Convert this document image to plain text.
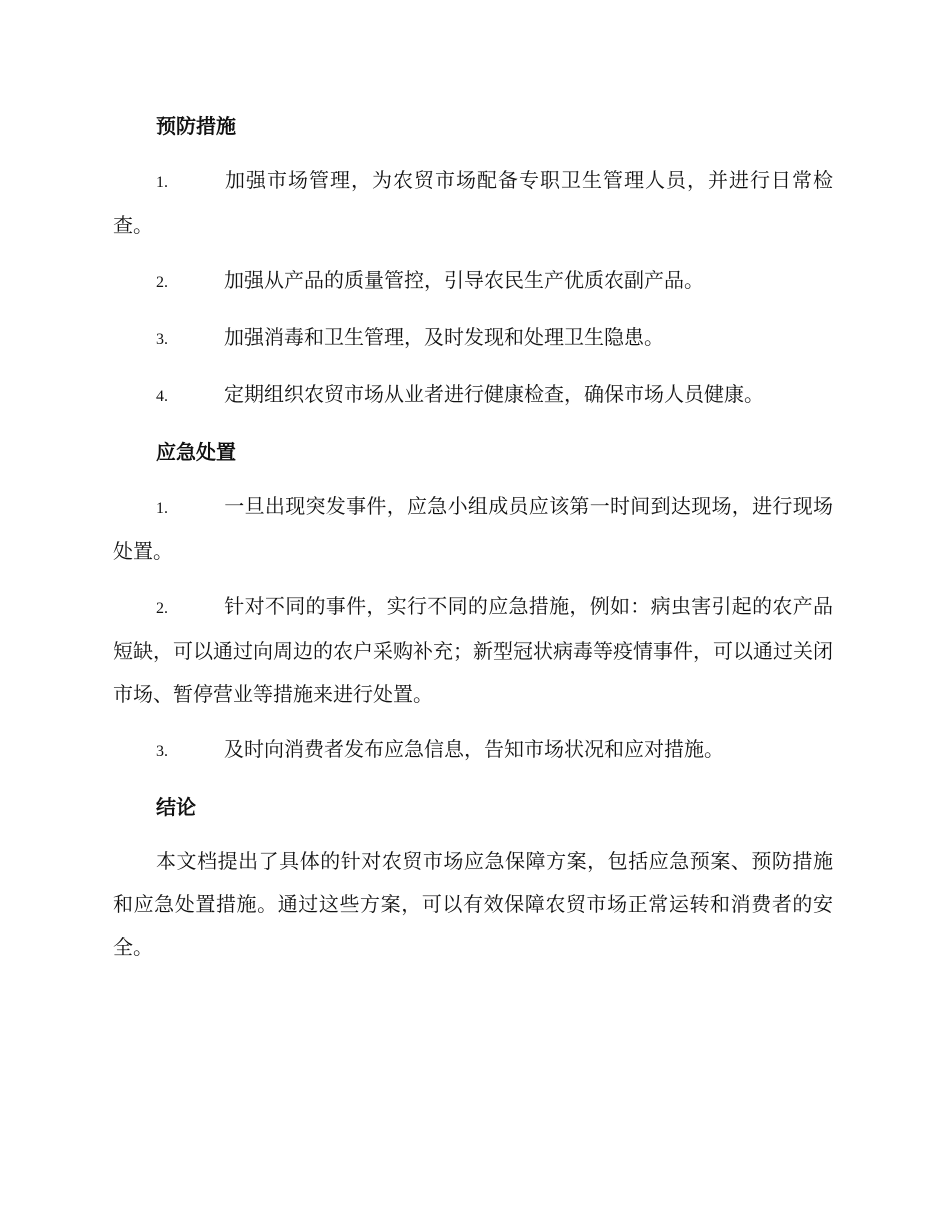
预防措施
1.	加强市场管理，为农贸市场配备专职卫生管理人员，并进行日常检查。
2.	加强从产品的质量管控，引导农民生产优质农副产品。
3.	加强消毒和卫生管理，及时发现和处理卫生隐患。
4.	定期组织农贸市场从业者进行健康检查，确保市场人员健康。
应急处置
1.	一旦出现突发事件，应急小组成员应该第一时间到达现场，进行现场处置。
2.	针对不同的事件，实行不同的应急措施，例如：病虫害引起的农产品短缺，可以通过向周边的农户采购补充；新型冠状病毒等疫情事件，可以通过关闭市场、暂停营业等措施来进行处置。
3.	及时向消费者发布应急信息，告知市场状况和应对措施。
结论
本文档提出了具体的针对农贸市场应急保障方案，包括应急预案、预防措施和应急处置措施。通过这些方案，可以有效保障农贸市场正常运转和消费者的安全。
